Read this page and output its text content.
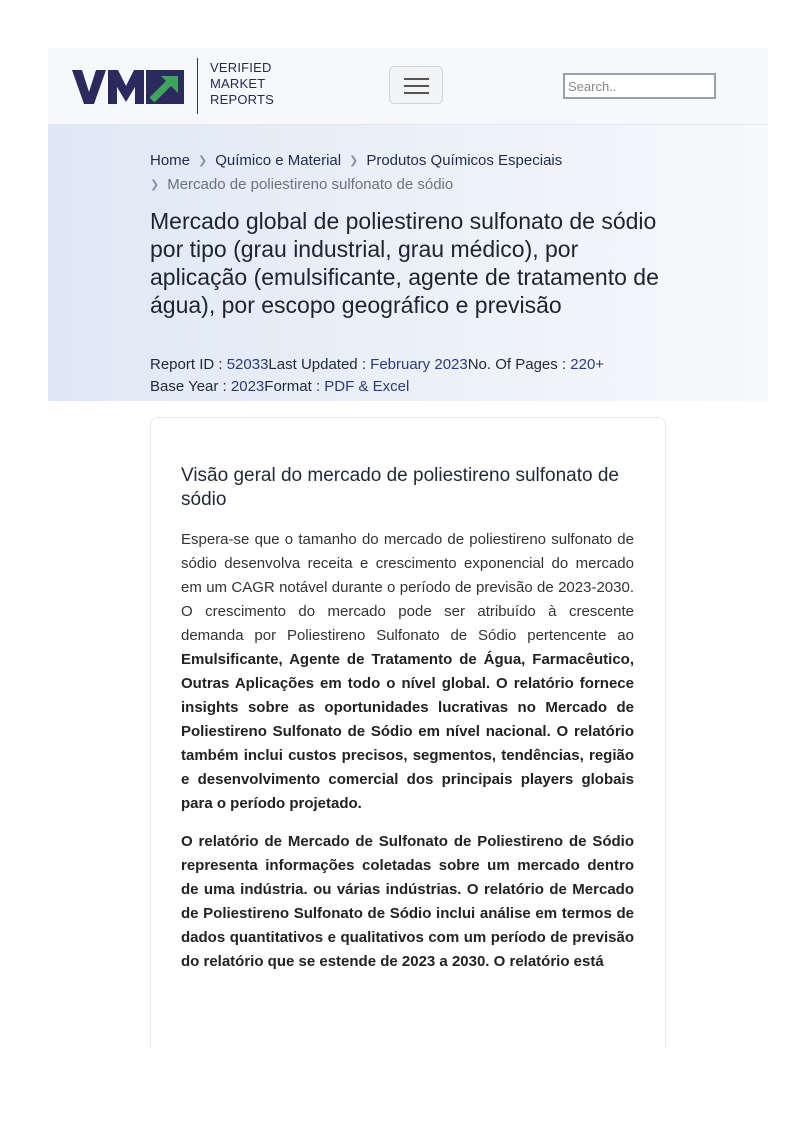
VERIFIED
MARKET
REPORTS
Search..
Home ❯ Químico e Material ❯ Produtos Químicos Especiais
❯ Mercado de poliestireno sulfonato de sódio
Mercado global de poliestireno sulfonato de sódio por tipo (grau industrial, grau médico), por aplicação (emulsificante, agente de tratamento de água), por escopo geográfico e previsão
Report ID : 52033Last Updated : February 2023No. Of Pages : 220+
Base Year : 2023Format : PDF & Excel
Visão geral do mercado de poliestireno sulfonato de sódio

Espera-se que o tamanho do mercado de poliestireno sulfonato de sódio desenvolva receita e crescimento exponencial do mercado em um CAGR notável durante o período de previsão de 2023-2030. O crescimento do mercado pode ser atribuído à crescente demanda por Poliestireno Sulfonato de Sódio pertencente ao Emulsificante, Agente de Tratamento de Água, Farmacêutico, Outras Aplicações em todo o nível global. O relatório fornece insights sobre as oportunidades lucrativas no Mercado de Poliestireno Sulfonato de Sódio em nível nacional. O relatório também inclui custos precisos, segmentos, tendências, região e desenvolvimento comercial dos principais players globais para o período projetado.

O relatório de Mercado de Sulfonato de Poliestireno de Sódio representa informações coletadas sobre um mercado dentro de uma indústria. ou várias indústrias. O relatório de Mercado de Poliestireno Sulfonato de Sódio inclui análise em termos de dados quantitativos e qualitativos com um período de previsão do relatório que se estende de 2023 a 2030. O relatório está
